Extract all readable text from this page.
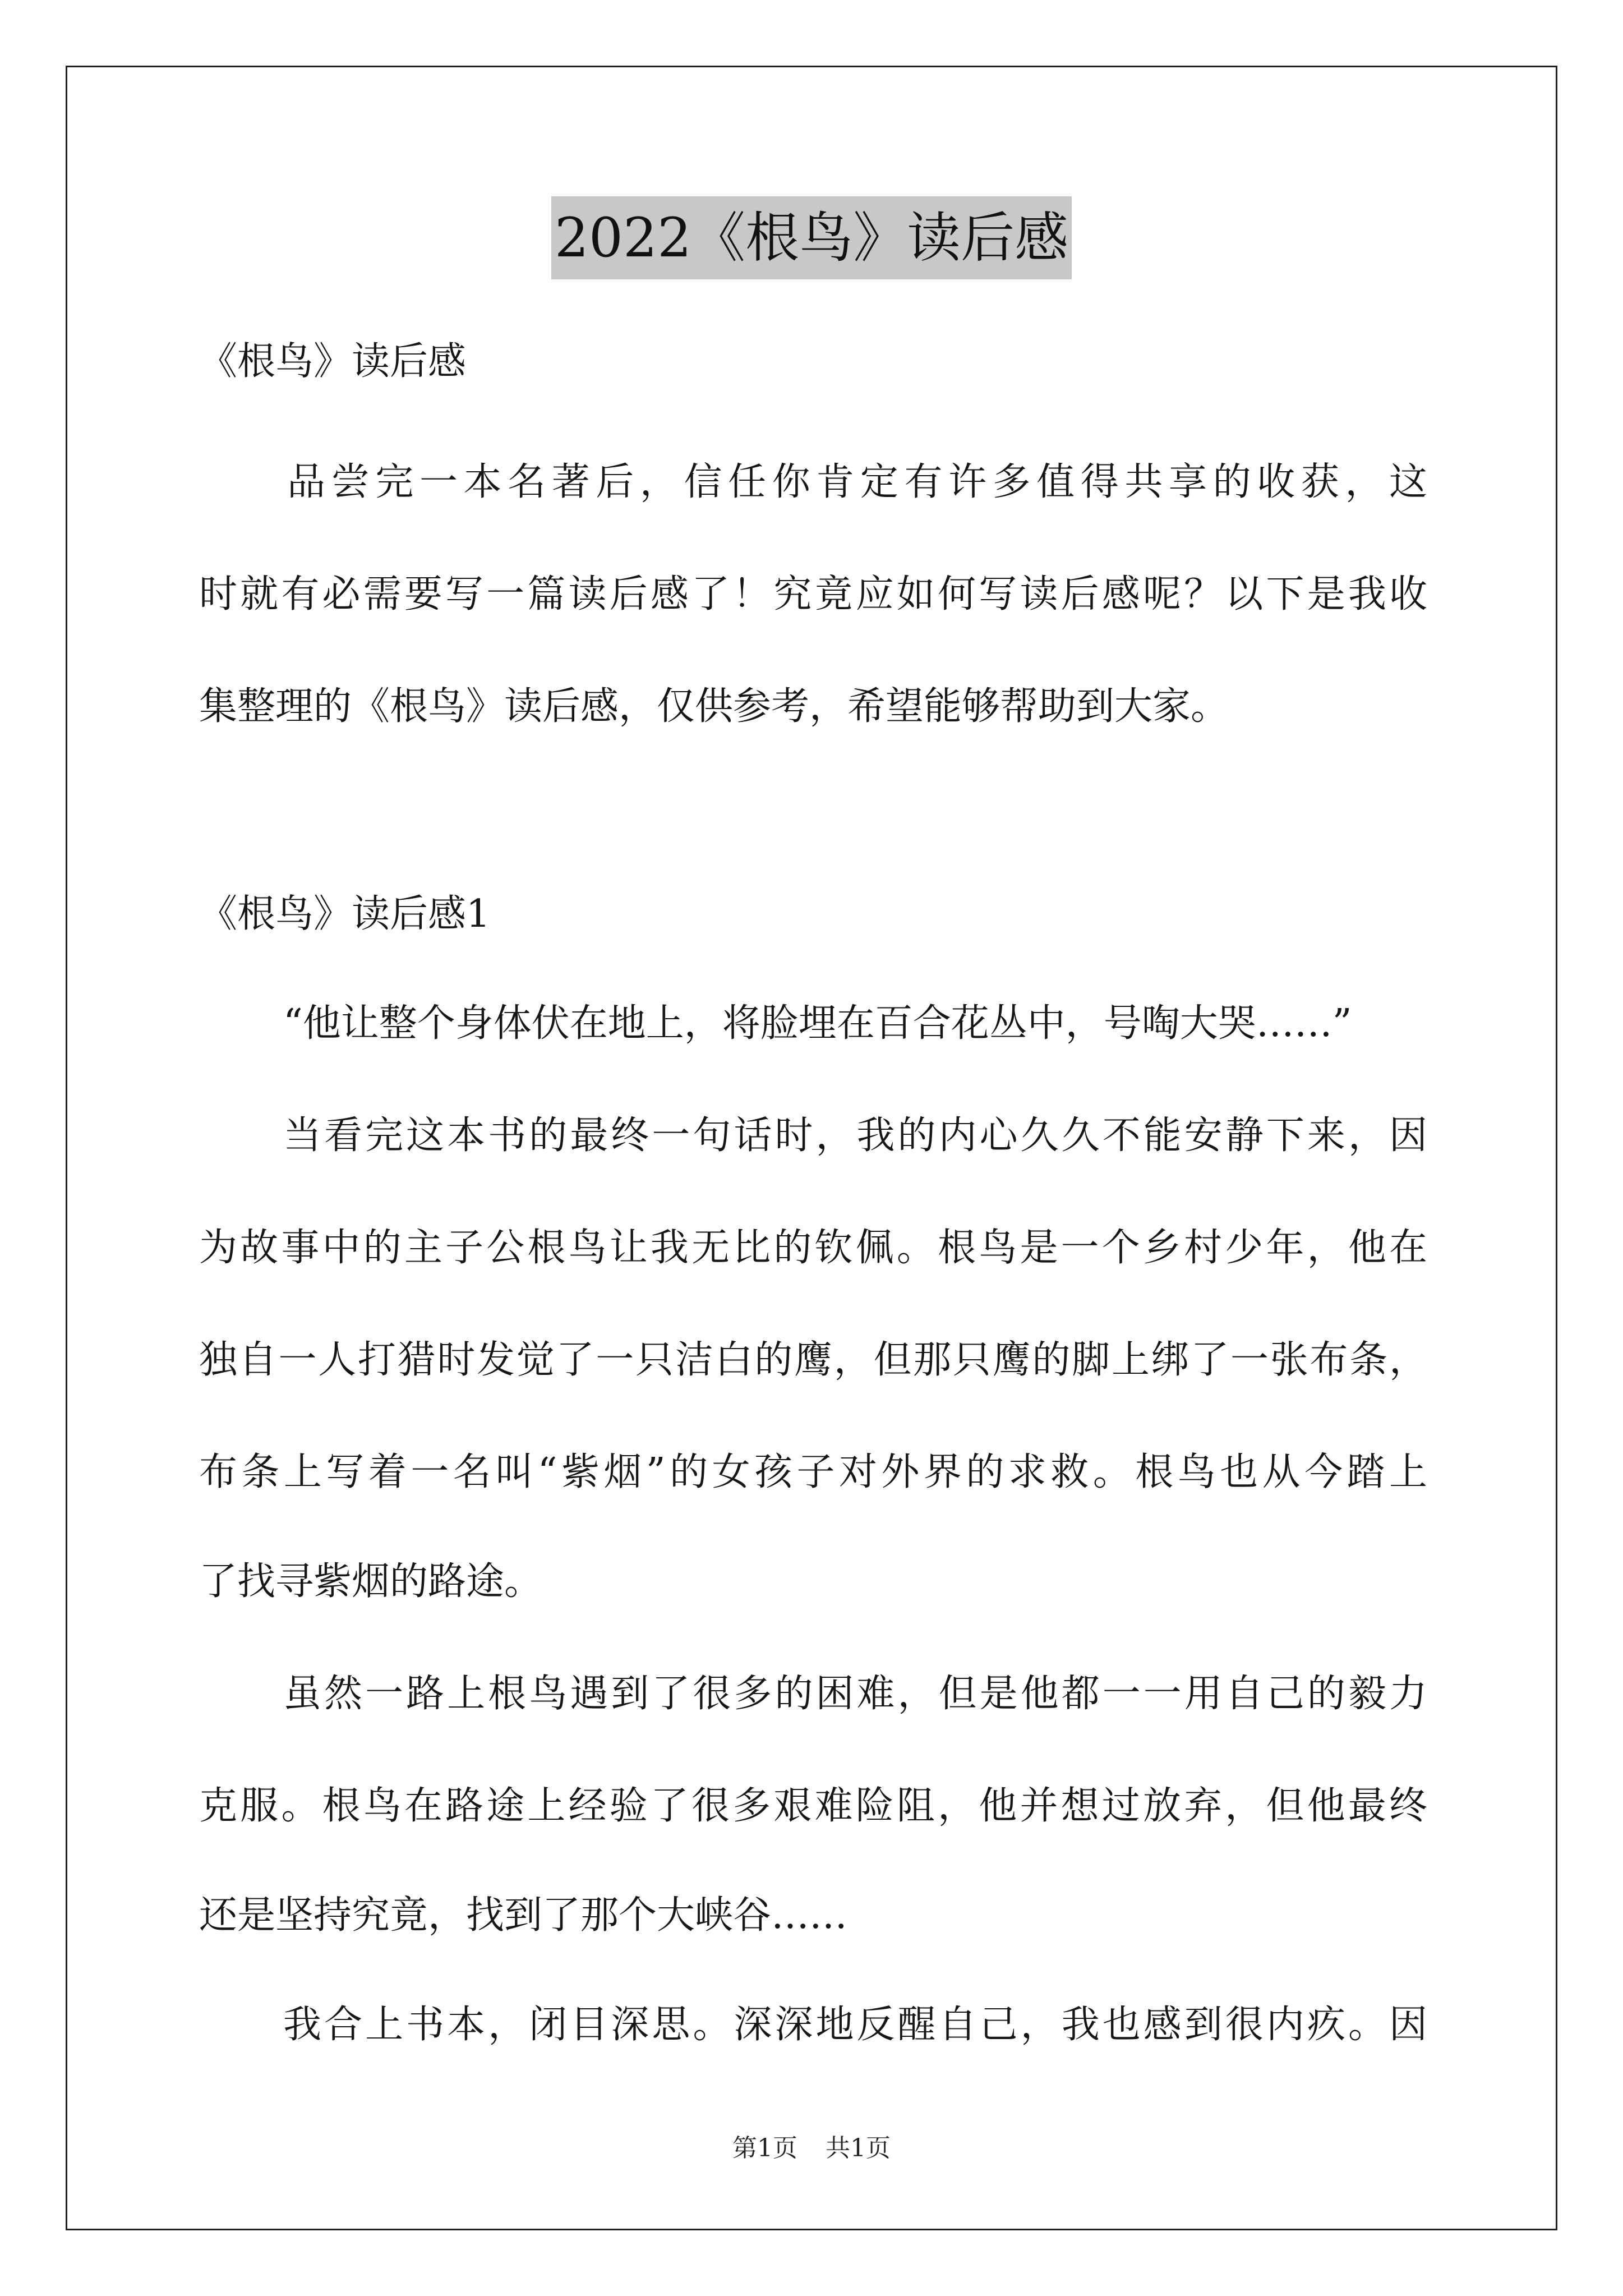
2022《根鸟》读后感
《根鸟》读后感
　　品尝完一本名著后，信任你肯定有许多值得共享的收获，这
时就有必需要写一篇读后感了！究竟应如何写读后感呢？以下是我收
集整理的《根鸟》读后感，仅供参考，希望能够帮助到大家。
《根鸟》读后感1
“他让整个身体伏在地上，将脸埋在百合花丛中，号啕大哭……”
当看完这本书的最终一句话时，我的内心久久不能安静下来，因
为故事中的主子公根鸟让我无比的钦佩。根鸟是一个乡村少年，他在
独自一人打猎时发觉了一只洁白的鹰，但那只鹰的脚上绑了一张布条，
布条上写着一名叫“紫烟”的女孩子对外界的求救。根鸟也从今踏上
了找寻紫烟的路途。
虽然一路上根鸟遇到了很多的困难，但是他都一一用自己的毅力
克服。根鸟在路途上经验了很多艰难险阻，他并想过放弃，但他最终
还是坚持究竟，找到了那个大峡谷……
我合上书本，闭目深思。深深地反醒自己，我也感到很内疚。因
第1页 共1页
